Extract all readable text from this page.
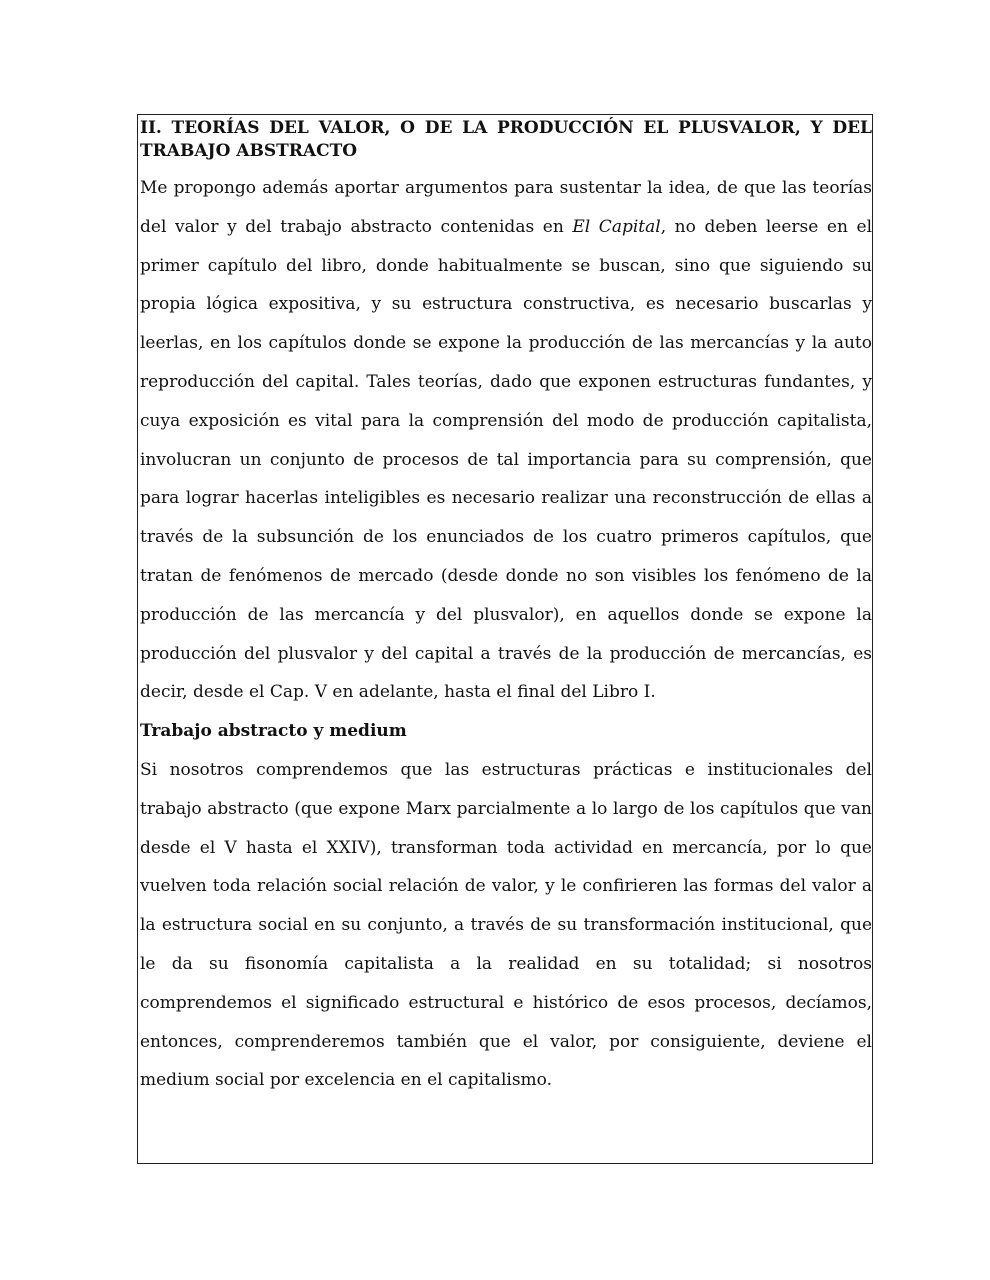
II. TEORÍAS DEL VALOR, O DE LA PRODUCCIÓN EL PLUSVALOR, Y DEL TRABAJO ABSTRACTO

Me propongo además aportar argumentos para sustentar la idea, de que las teorías del valor y del trabajo abstracto contenidas en El Capital, no deben leerse en el primer capítulo del libro, donde habitualmente se buscan, sino que siguiendo su propia lógica expositiva, y su estructura constructiva, es necesario buscarlas y leerlas, en los capítulos donde se expone la producción de las mercancías y la auto reproducción del capital. Tales teorías, dado que exponen estructuras fundantes, y cuya exposición es vital para la comprensión del modo de producción capitalista, involucran un conjunto de procesos de tal importancia para su comprensión, que para lograr hacerlas inteligibles es necesario realizar una reconstrucción de ellas a través de la subsunción de los enunciados de los cuatro primeros capítulos, que tratan de fenómenos de mercado (desde donde no son visibles los fenómeno de la producción de las mercancía y del plusvalor), en aquellos donde se expone la producción del plusvalor y del capital a través de la producción de mercancías, es decir, desde el Cap. V en adelante, hasta el final del Libro I.

Trabajo abstracto y medium

Si nosotros comprendemos que las estructuras prácticas e institucionales del trabajo abstracto (que expone Marx parcialmente a lo largo de los capítulos que van desde el V hasta el XXIV), transforman toda actividad en mercancía, por lo que vuelven toda relación social relación de valor, y le confirieren las formas del valor a la estructura social en su conjunto, a través de su transformación institucional, que le da su fisonomía capitalista a la realidad en su totalidad; si nosotros comprendemos el significado estructural e histórico de esos procesos, decíamos, entonces, comprenderemos también que el valor, por consiguiente, deviene el medium social por excelencia en el capitalismo.
